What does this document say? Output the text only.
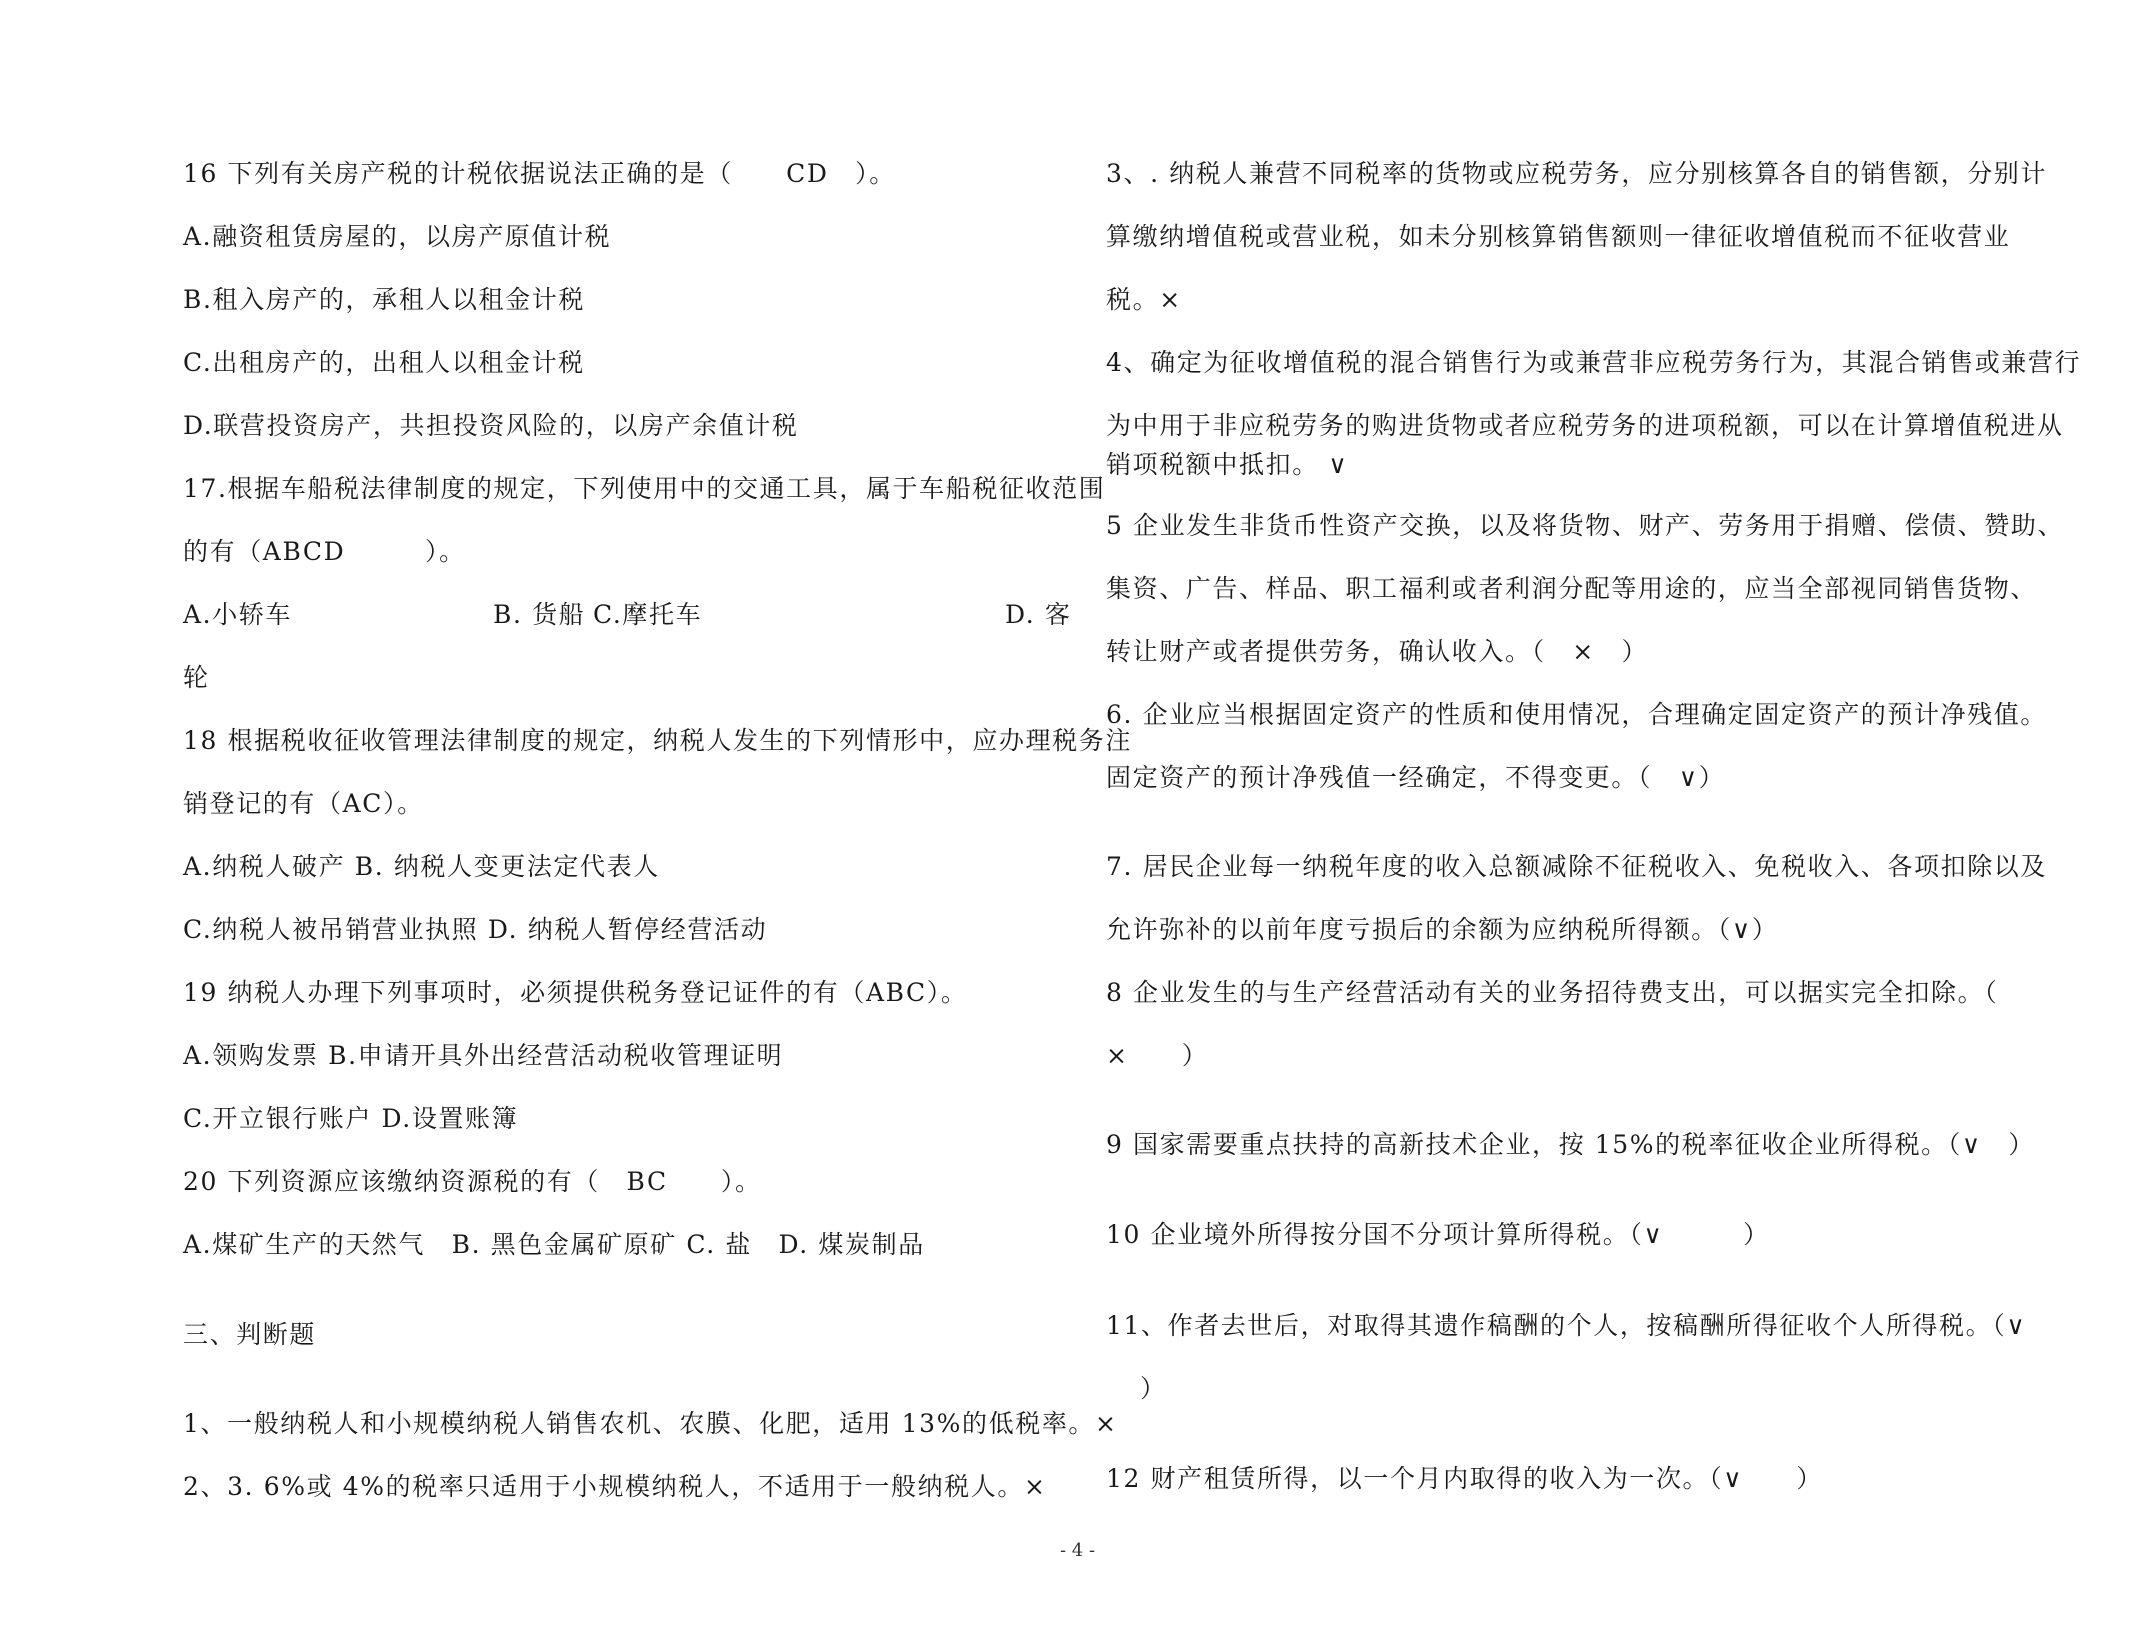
16 下列有关房产税的计税依据说法正确的是（　　CD　）。
A.融资租赁房屋的，以房产原值计税
B.租入房产的，承租人以租金计税
C.出租房产的，出租人以租金计税
D.联营投资房产，共担投资风险的，以房产余值计税
17.根据车船税法律制度的规定，下列使用中的交通工具，属于车船税征收范围
的有（ABCD　　　）。
A.小轿车	B. 货船 C.摩托车	D. 客
轮
18 根据税收征收管理法律制度的规定，纳税人发生的下列情形中，应办理税务注
销登记的有（AC）。
A.纳税人破产 B. 纳税人变更法定代表人
C.纳税人被吊销营业执照 D. 纳税人暂停经营活动
19 纳税人办理下列事项时，必须提供税务登记证件的有（ABC）。
A.领购发票 B.申请开具外出经营活动税收管理证明
C.开立银行账户 D.设置账簿
20 下列资源应该缴纳资源税的有（　BC　　）。
A.煤矿生产的天然气　B. 黑色金属矿原矿 C. 盐　D. 煤炭制品
三、判断题
1、一般纳税人和小规模纳税人销售农机、农膜、化肥，适用 13%的低税率。×
2、3. 6%或 4%的税率只适用于小规模纳税人，不适用于一般纳税人。×
3、. 纳税人兼营不同税率的货物或应税劳务，应分别核算各自的销售额，分别计
算缴纳增值税或营业税，如未分别核算销售额则一律征收增值税而不征收营业
税。×
4、确定为征收增值税的混合销售行为或兼营非应税劳务行为，其混合销售或兼营行
为中用于非应税劳务的购进货物或者应税劳务的进项税额，可以在计算增值税进从
销项税额中抵扣。 ∨
5 企业发生非货币性资产交换，以及将货物、财产、劳务用于捐赠、偿债、赞助、
集资、广告、样品、职工福利或者利润分配等用途的，应当全部视同销售货物、
转让财产或者提供劳务，确认收入。（　×　）
6. 企业应当根据固定资产的性质和使用情况，合理确定固定资产的预计净残值。
固定资产的预计净残值一经确定，不得变更。（　∨）
7. 居民企业每一纳税年度的收入总额减除不征税收入、免税收入、各项扣除以及
允许弥补的以前年度亏损后的余额为应纳税所得额。（∨）
8 企业发生的与生产经营活动有关的业务招待费支出，可以据实完全扣除。（
×　　）
9 国家需要重点扶持的高新技术企业，按 15%的税率征收企业所得税。（∨　）
10 企业境外所得按分国不分项计算所得税。（∨　　　）
11、作者去世后，对取得其遗作稿酬的个人，按稿酬所得征收个人所得税。（∨
）
12 财产租赁所得，以一个月内取得的收入为一次。（∨　　）
- 4 -
